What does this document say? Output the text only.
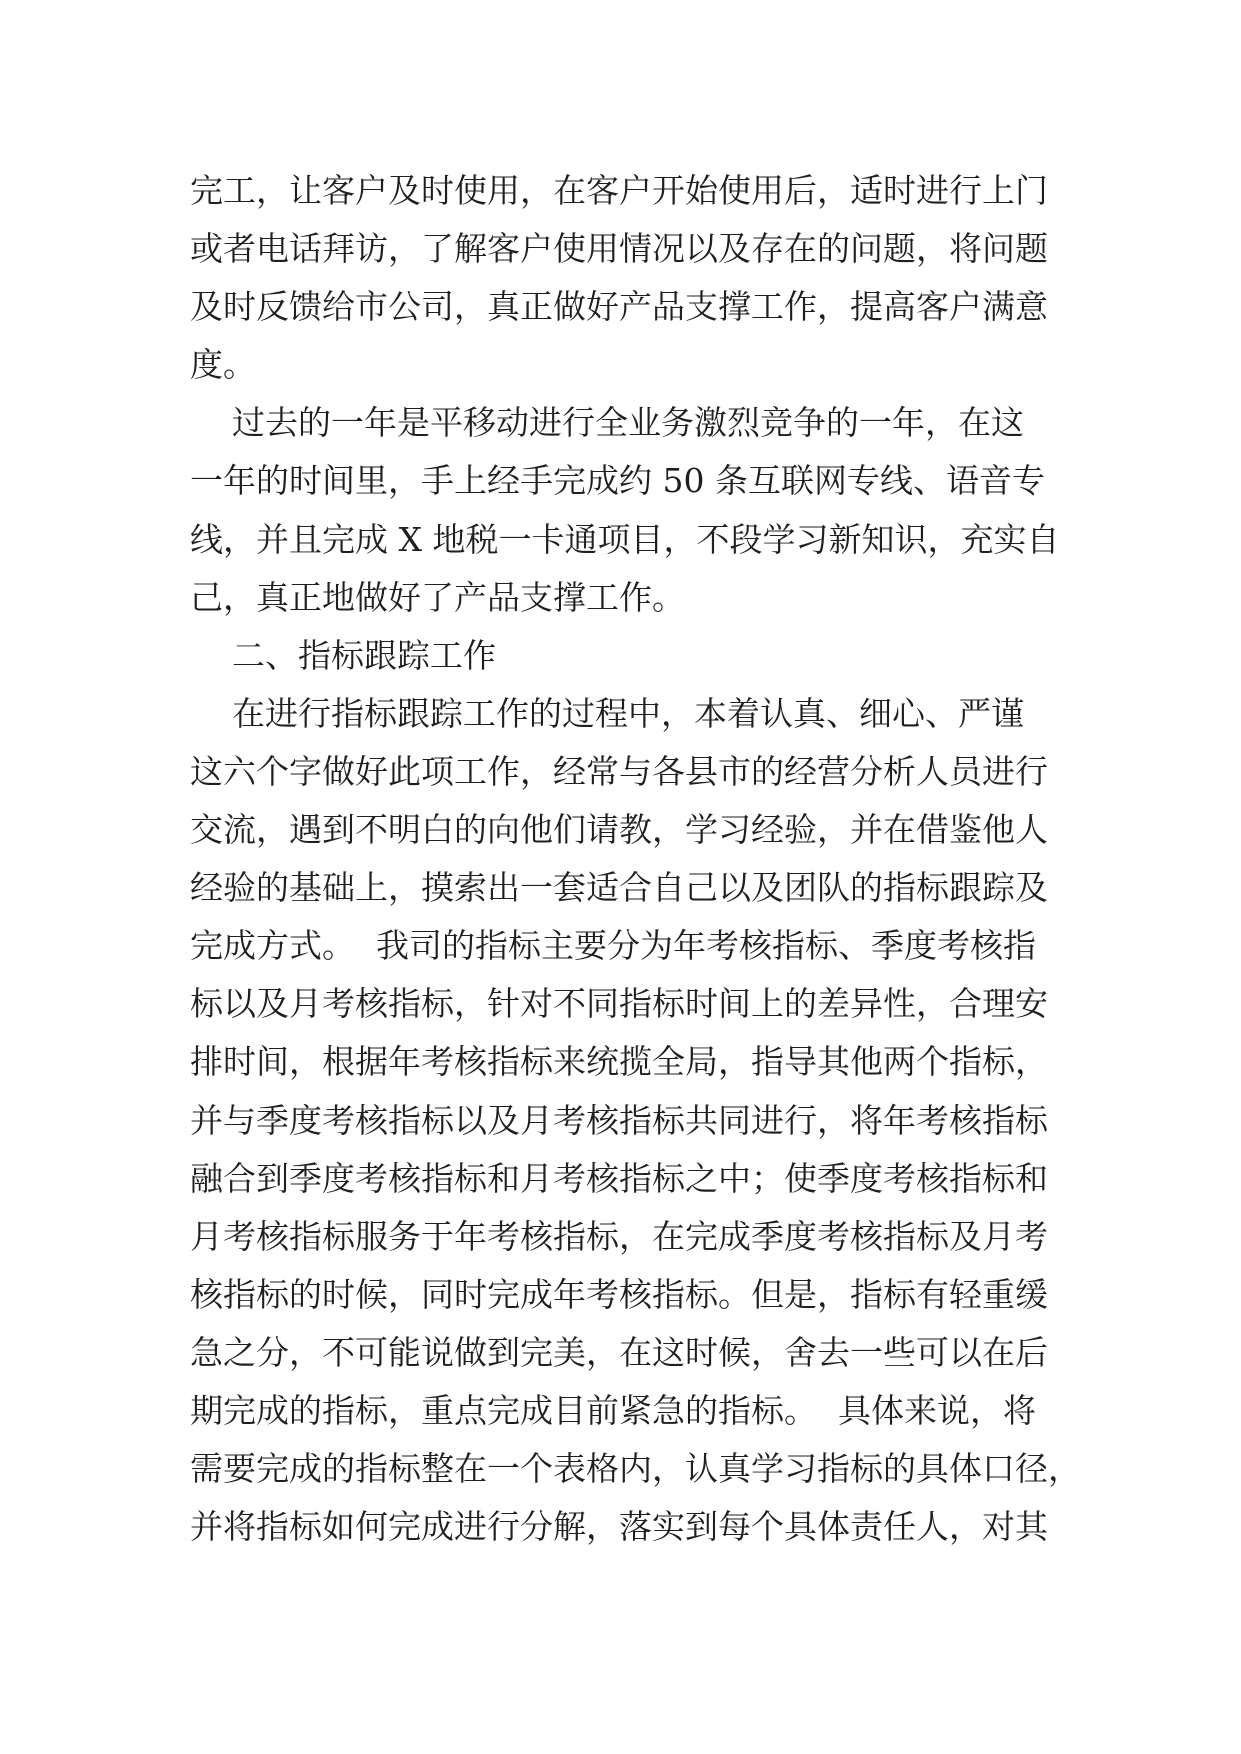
完工，让客户及时使用，在客户开始使用后，适时进行上门
或者电话拜访，了解客户使用情况以及存在的问题，将问题
及时反馈给市公司，真正做好产品支撑工作，提高客户满意
度。
过去的一年是平移动进行全业务激烈竞争的一年，在这
一年的时间里，手上经手完成约 50 条互联网专线、语音专
线，并且完成 X 地税一卡通项目，不段学习新知识，充实自
己，真正地做好了产品支撑工作。
二、指标跟踪工作
在进行指标跟踪工作的过程中，本着认真、细心、严谨
这六个字做好此项工作，经常与各县市的经营分析人员进行
交流，遇到不明白的向他们请教，学习经验，并在借鉴他人
经验的基础上，摸索出一套适合自己以及团队的指标跟踪及
完成方式。  我司的指标主要分为年考核指标、季度考核指
标以及月考核指标，针对不同指标时间上的差异性，合理安
排时间，根据年考核指标来统揽全局，指导其他两个指标，
并与季度考核指标以及月考核指标共同进行，将年考核指标
融合到季度考核指标和月考核指标之中；使季度考核指标和
月考核指标服务于年考核指标，在完成季度考核指标及月考
核指标的时候，同时完成年考核指标。但是，指标有轻重缓
急之分，不可能说做到完美，在这时候，舍去一些可以在后
期完成的指标，重点完成目前紧急的指标。  具体来说，将
需要完成的指标整在一个表格内，认真学习指标的具体口径，
并将指标如何完成进行分解，落实到每个具体责任人，对其
